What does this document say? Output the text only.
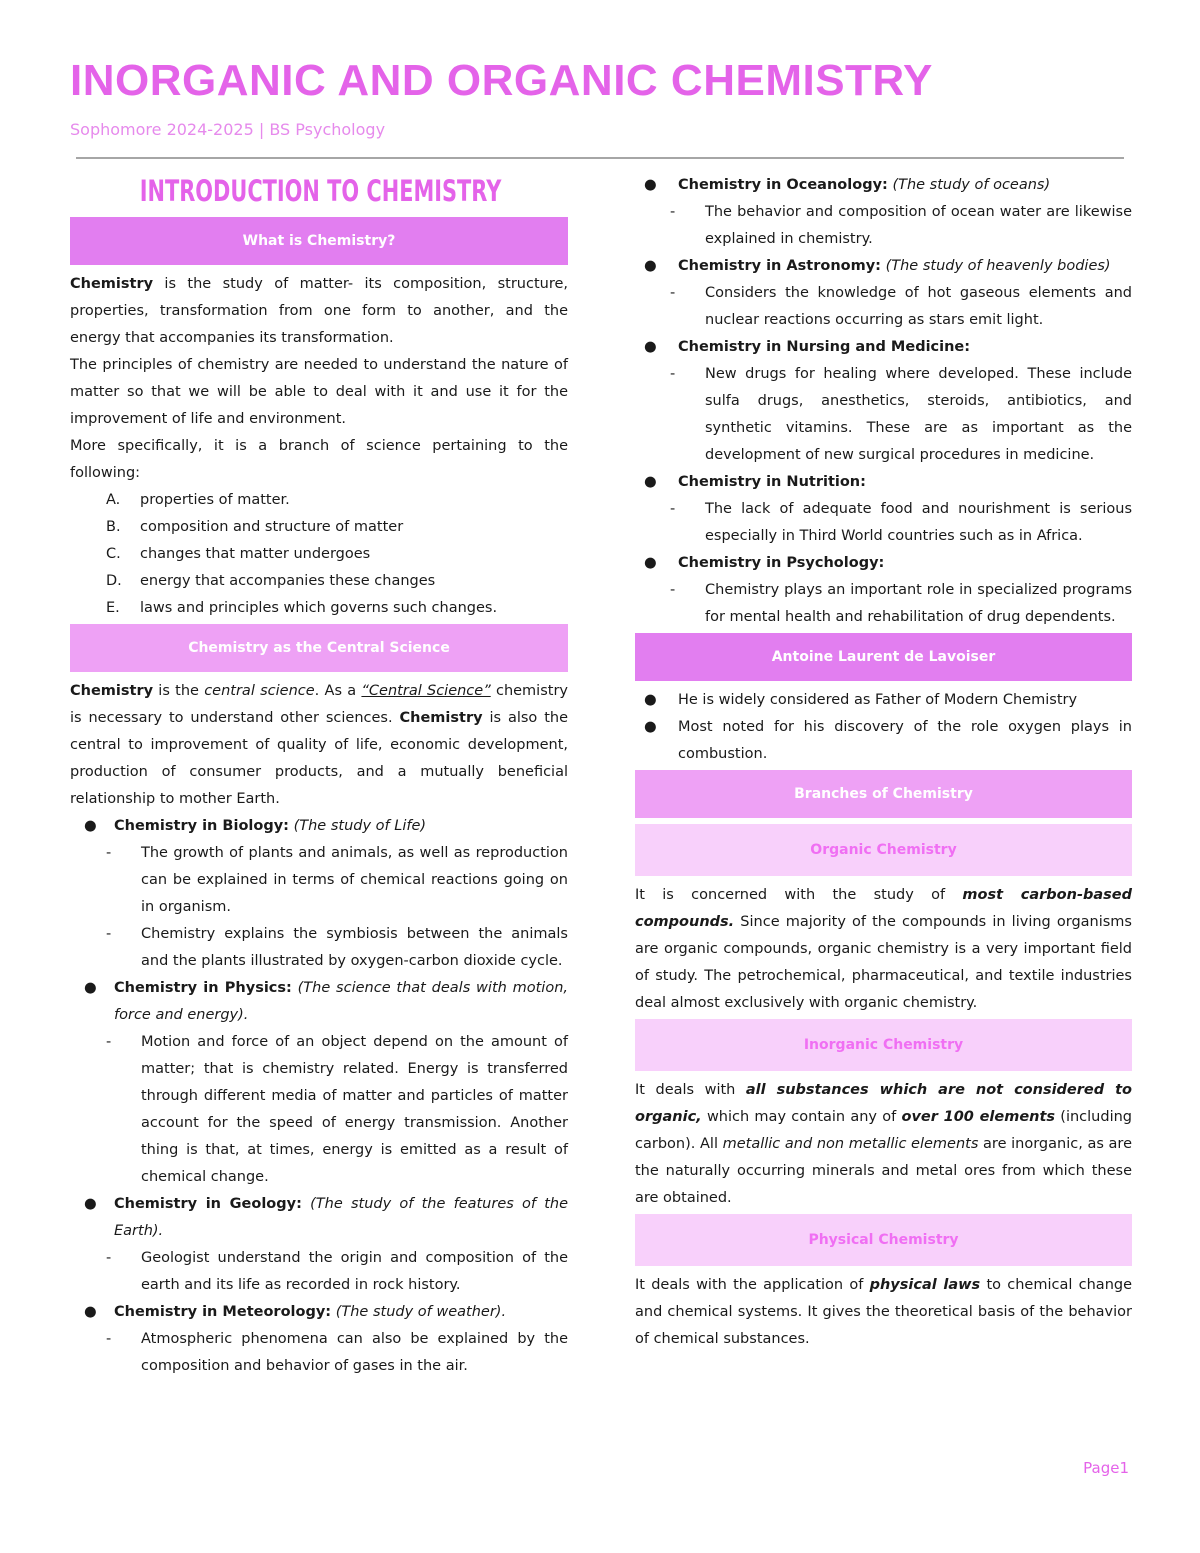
INORGANIC AND ORGANIC CHEMISTRY
Sophomore 2024-2025 | BS Psychology
INTRODUCTION TO CHEMISTRY
What is Chemistry?

Chemistry is the study of matter- its composition, structure, properties, transformation from one form to another, and the energy that accompanies its transformation.

The principles of chemistry are needed to understand the nature of matter so that we will be able to deal with it and use it for the improvement of life and environment.

More specifically, it is a branch of science pertaining to the following:

A. properties of matter.
B. composition and structure of matter
C. changes that matter undergoes
D. energy that accompanies these changes
E. laws and principles which governs such changes.
Chemistry as the Central Science

Chemistry is the central science. As a “Central Science” chemistry is necessary to understand other sciences. Chemistry is also the central to improvement of quality of life, economic development, production of consumer products, and a mutually beneficial relationship to mother Earth.

● Chemistry in Biology: (The study of Life)
- The growth of plants and animals, as well as reproduction can be explained in terms of chemical reactions going on in organism.
- Chemistry explains the symbiosis between the animals and the plants illustrated by oxygen-carbon dioxide cycle.
● Chemistry in Physics: (The science that deals with motion, force and energy).
- Motion and force of an object depend on the amount of matter; that is chemistry related. Energy is transferred through different media of matter and particles of matter account for the speed of energy transmission. Another thing is that, at times, energy is emitted as a result of chemical change.
● Chemistry in Geology: (The study of the features of the Earth).
- Geologist understand the origin and composition of the earth and its life as recorded in rock history.
● Chemistry in Meteorology: (The study of weather).
- Atmospheric phenomena can also be explained by the composition and behavior of gases in the air.
● Chemistry in Oceanology: (The study of oceans)
- The behavior and composition of ocean water are likewise explained in chemistry.
● Chemistry in Astronomy: (The study of heavenly bodies)
- Considers the knowledge of hot gaseous elements and nuclear reactions occurring as stars emit light.
● Chemistry in Nursing and Medicine:
- New drugs for healing where developed. These include sulfa drugs, anesthetics, steroids, antibiotics, and synthetic vitamins. These are as important as the development of new surgical procedures in medicine.
● Chemistry in Nutrition:
- The lack of adequate food and nourishment is serious especially in Third World countries such as in Africa.
● Chemistry in Psychology:
- Chemistry plays an important role in specialized programs for mental health and rehabilitation of drug dependents.
Antoine Laurent de Lavoiser
● He is widely considered as Father of Modern Chemistry
● Most noted for his discovery of the role oxygen plays in combustion.
Branches of Chemistry
Organic Chemistry

It is concerned with the study of most carbon-based compounds. Since majority of the compounds in living organisms are organic compounds, organic chemistry is a very important field of study. The petrochemical, pharmaceutical, and textile industries deal almost exclusively with organic chemistry.

Inorganic Chemistry

It deals with all substances which are not considered to organic, which may contain any of over 100 elements (including carbon). All metallic and non metallic elements are inorganic, as are the naturally occurring minerals and metal ores from which these are obtained.

Physical Chemistry

It deals with the application of physical laws to chemical change and chemical systems. It gives the theoretical basis of the behavior of chemical substances.

Page1
